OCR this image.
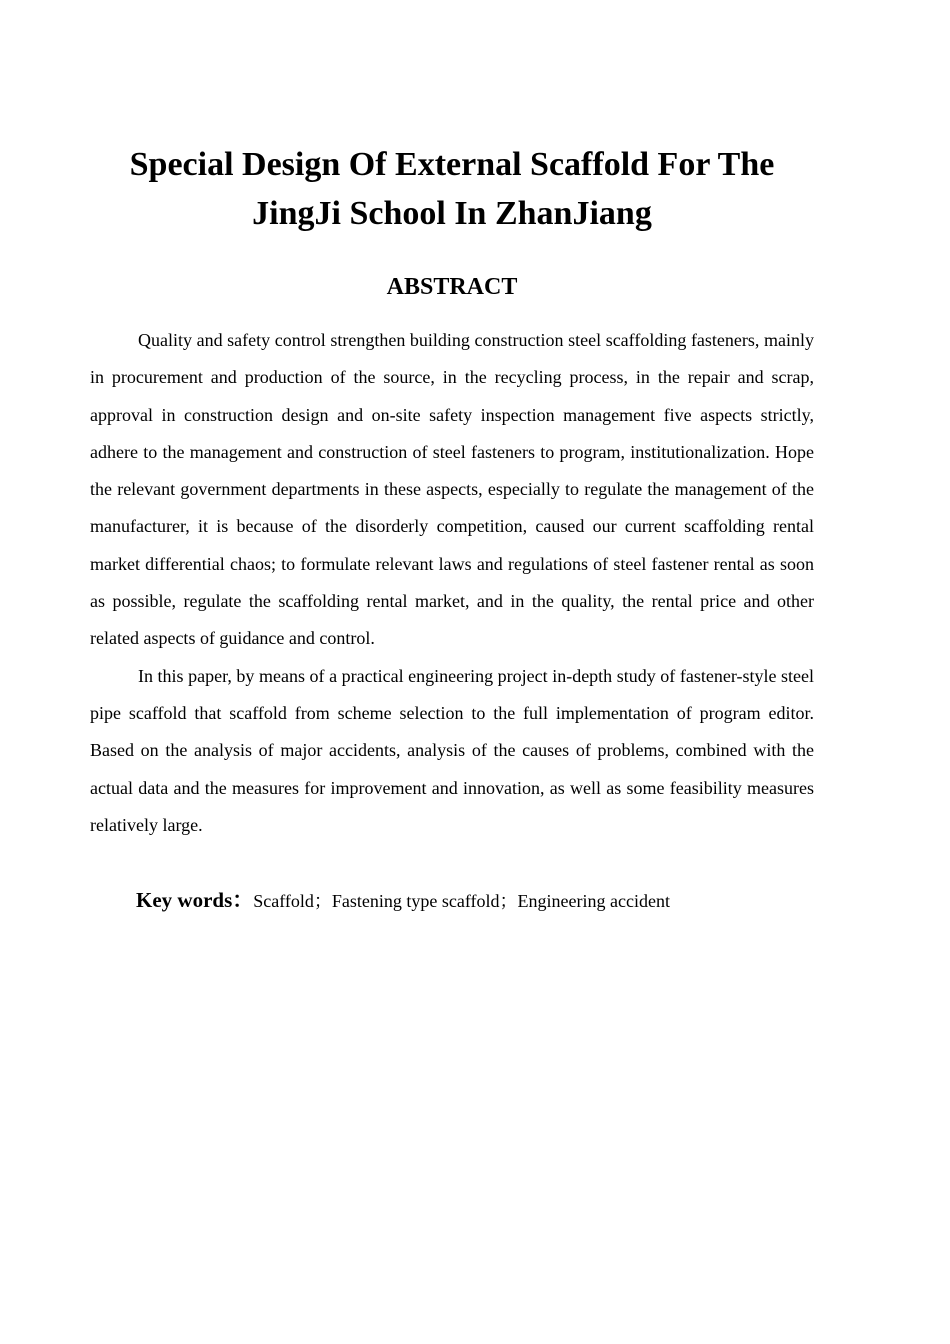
Special Design Of External Scaffold For The
JingJi School In ZhanJiang
ABSTRACT

Quality and safety control strengthen building construction steel scaffolding fasteners, mainly in procurement and production of the source, in the recycling process, in the repair and scrap, approval in construction design and on-site safety inspection management five aspects strictly, adhere to the management and construction of steel fasteners to program, institutionalization. Hope the relevant government departments in these aspects, especially to regulate the management of the manufacturer, it is because of the disorderly competition, caused our current scaffolding rental market differential chaos; to formulate relevant laws and regulations of steel fastener rental as soon as possible, regulate the scaffolding rental market, and in the quality, the rental price and other related aspects of guidance and control.

In this paper, by means of a practical engineering project in-depth study of fastener-style steel pipe scaffold that scaffold from scheme selection to the full implementation of program editor. Based on the analysis of major accidents, analysis of the causes of problems, combined with the actual data and the measures for improvement and innovation, as well as some feasibility measures relatively large.

Key words：Scaffold；Fastening type scaffold；Engineering accident
